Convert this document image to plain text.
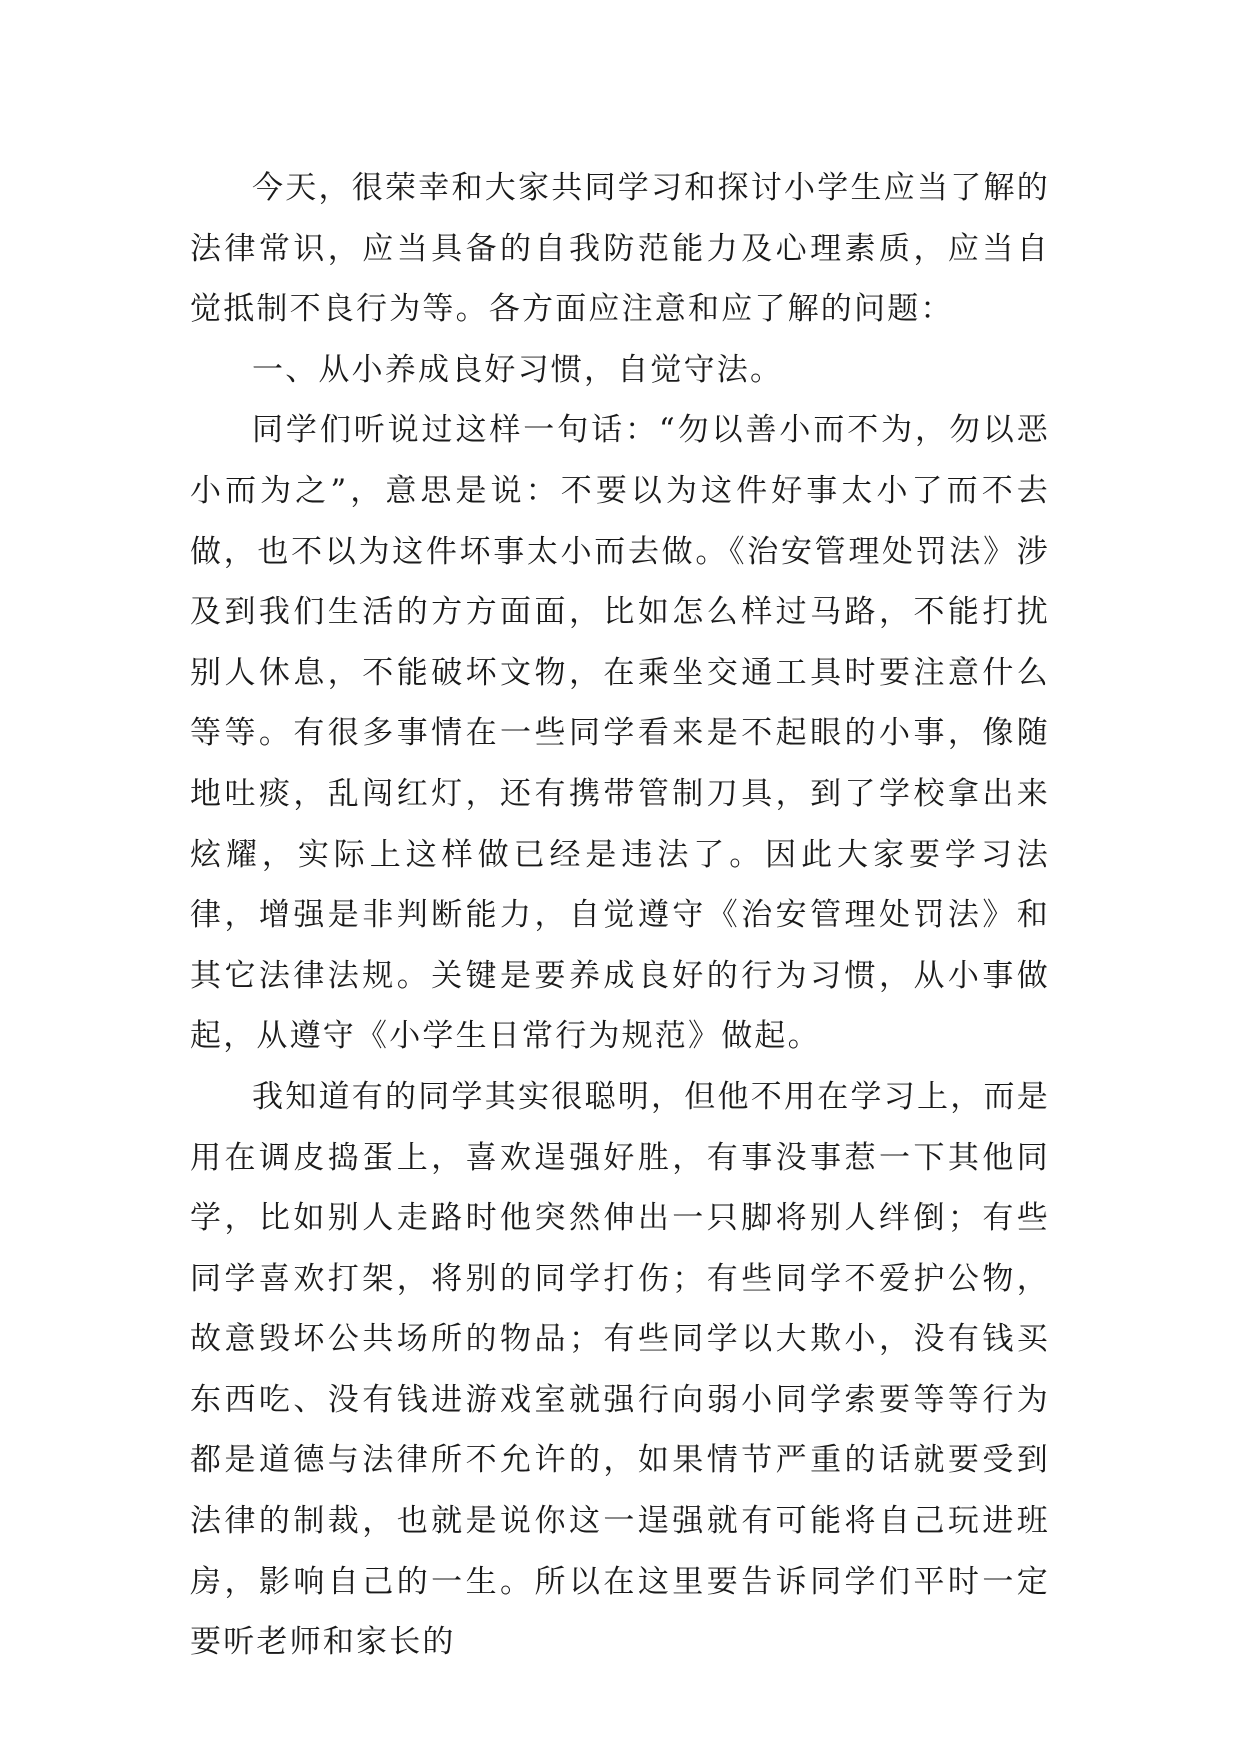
今天，很荣幸和大家共同学习和探讨小学生应当了解的法律常识，应当具备的自我防范能力及心理素质，应当自觉抵制不良行为等。各方面应注意和应了解的问题：

一、从小养成良好习惯，自觉守法。

同学们听说过这样一句话：“勿以善小而不为，勿以恶小而为之”，意思是说：不要以为这件好事太小了而不去做，也不以为这件坏事太小而去做。《治安管理处罚法》涉及到我们生活的方方面面，比如怎么样过马路，不能打扰别人休息，不能破坏文物，在乘坐交通工具时要注意什么等等。有很多事情在一些同学看来是不起眼的小事，像随地吐痰，乱闯红灯，还有携带管制刀具，到了学校拿出来炫耀，实际上这样做已经是违法了。因此大家要学习法律，增强是非判断能力，自觉遵守《治安管理处罚法》和其它法律法规。关键是要养成良好的行为习惯，从小事做起，从遵守《小学生日常行为规范》做起。

我知道有的同学其实很聪明，但他不用在学习上，而是用在调皮捣蛋上，喜欢逞强好胜，有事没事惹一下其他同学，比如别人走路时他突然伸出一只脚将别人绊倒；有些同学喜欢打架，将别的同学打伤；有些同学不爱护公物，故意毁坏公共场所的物品；有些同学以大欺小，没有钱买东西吃、没有钱进游戏室就强行向弱小同学索要等等行为都是道德与法律所不允许的，如果情节严重的话就要受到法律的制裁，也就是说你这一逞强就有可能将自己玩进班房，影响自己的一生。所以在这里要告诉同学们平时一定要听老师和家长的
